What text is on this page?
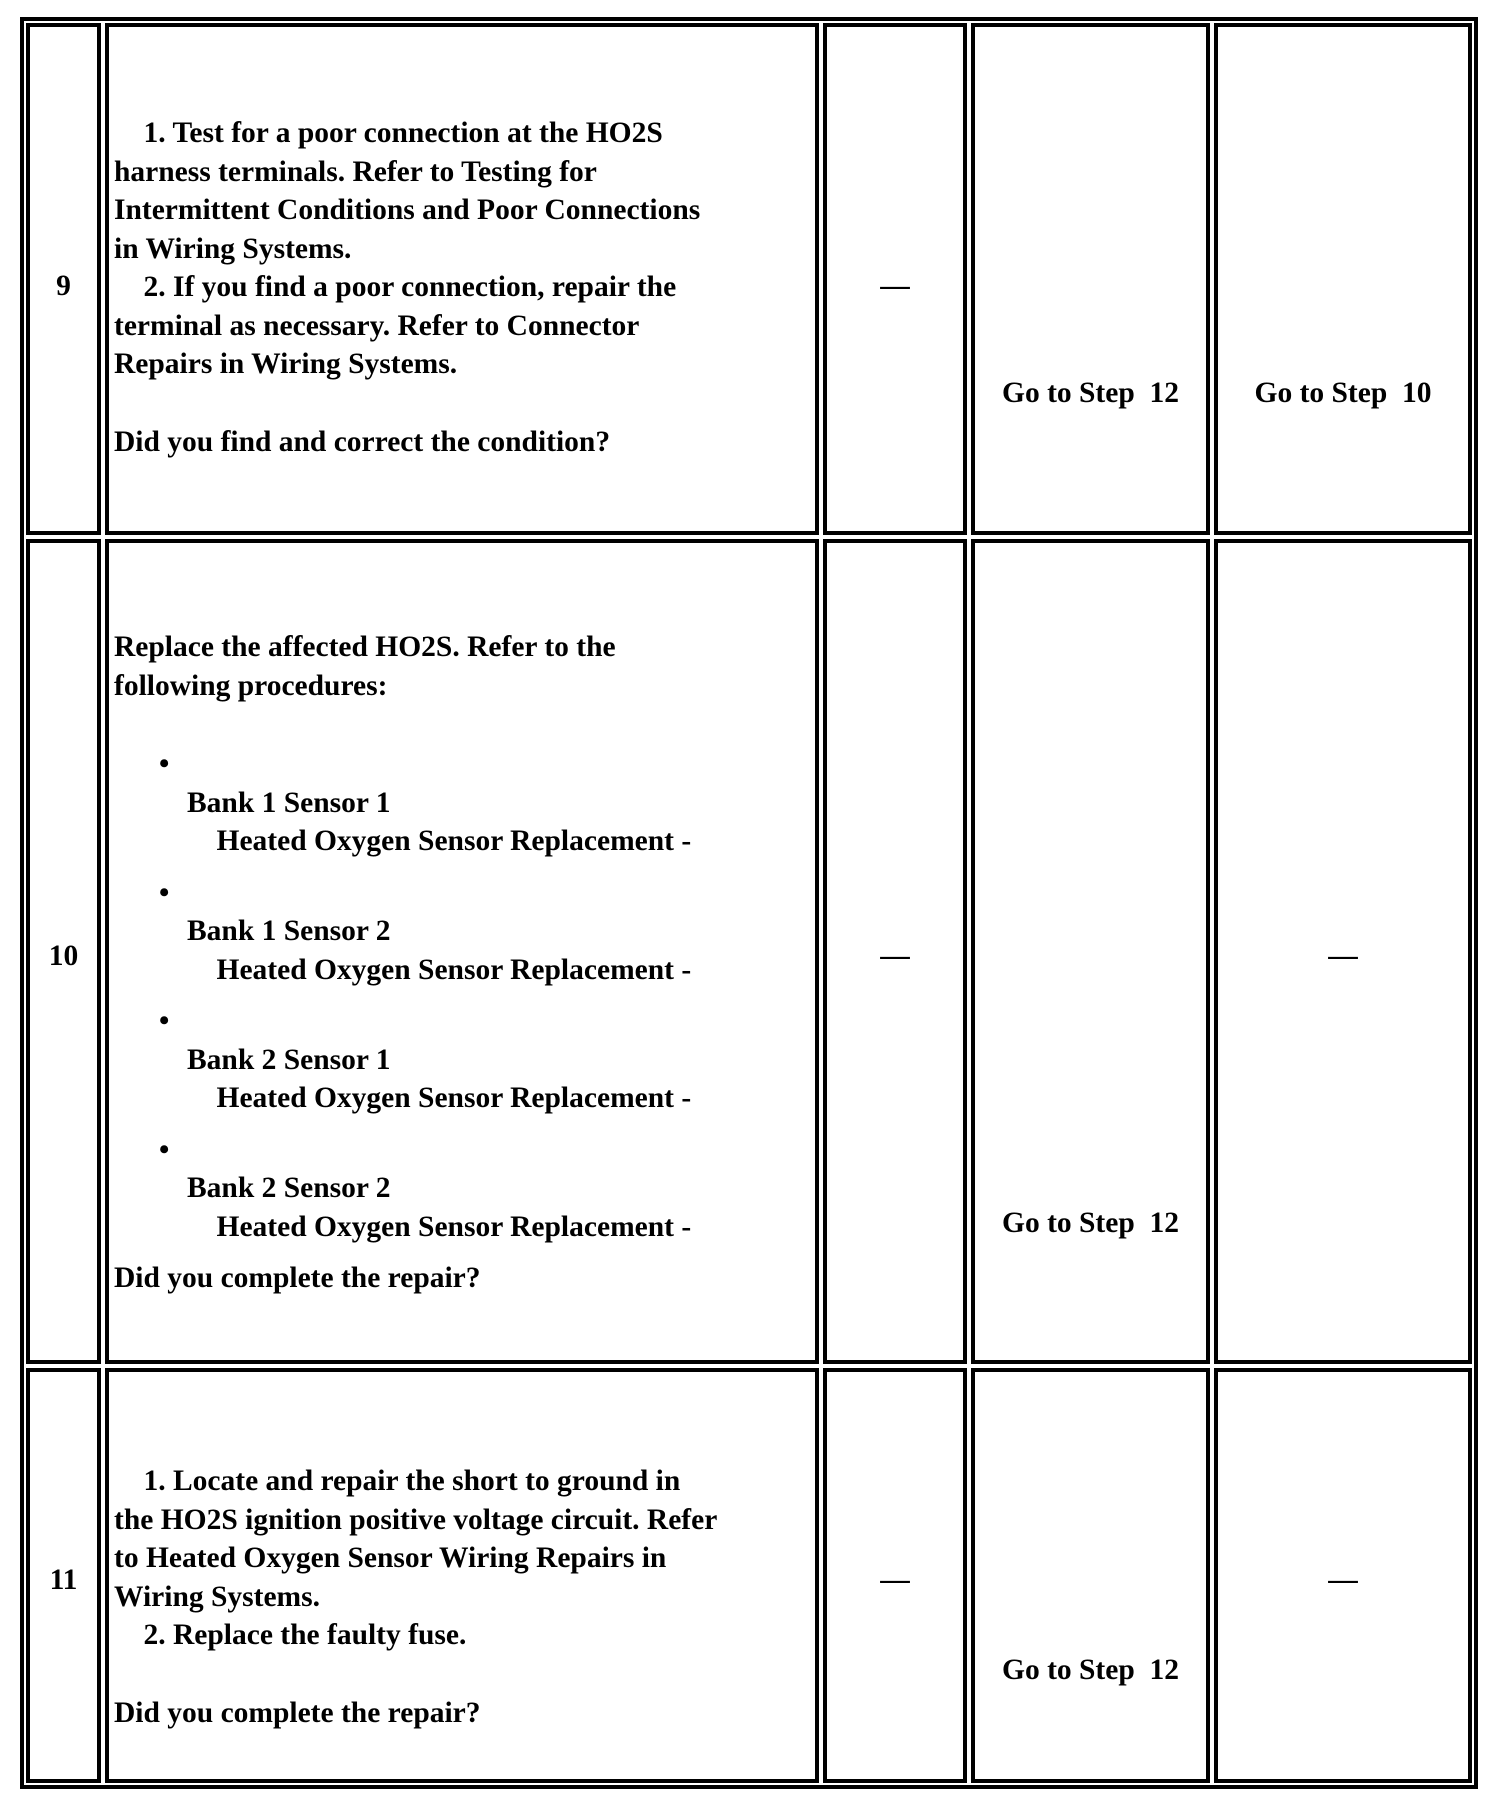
9
1. Test for a poor connection at the HO2S
harness terminals. Refer to Testing for
Intermittent Conditions and Poor Connections
in Wiring Systems.
2. If you find a poor connection, repair the
terminal as necessary. Refer to Connector
Repairs in Wiring Systems.
Did you find and correct the condition?
—
Go to Step  12	Go to Step  10
10
Replace the affected HO2S. Refer to the
following procedures:

•

Heated Oxygen Sensor Replacement -

Bank 1 Sensor 1

•

Heated Oxygen Sensor Replacement -

Bank 1 Sensor 2

•

Heated Oxygen Sensor Replacement -

Bank 2 Sensor 1

•

Heated Oxygen Sensor Replacement -

Bank 2 Sensor 2
Did you complete the repair?
—
Go to Step  12
—
11
1. Locate and repair the short to ground in
the HO2S ignition positive voltage circuit. Refer
to Heated Oxygen Sensor Wiring Repairs in
Wiring Systems.
2. Replace the faulty fuse.
Did you complete the repair?
—
Go to Step  12
—
